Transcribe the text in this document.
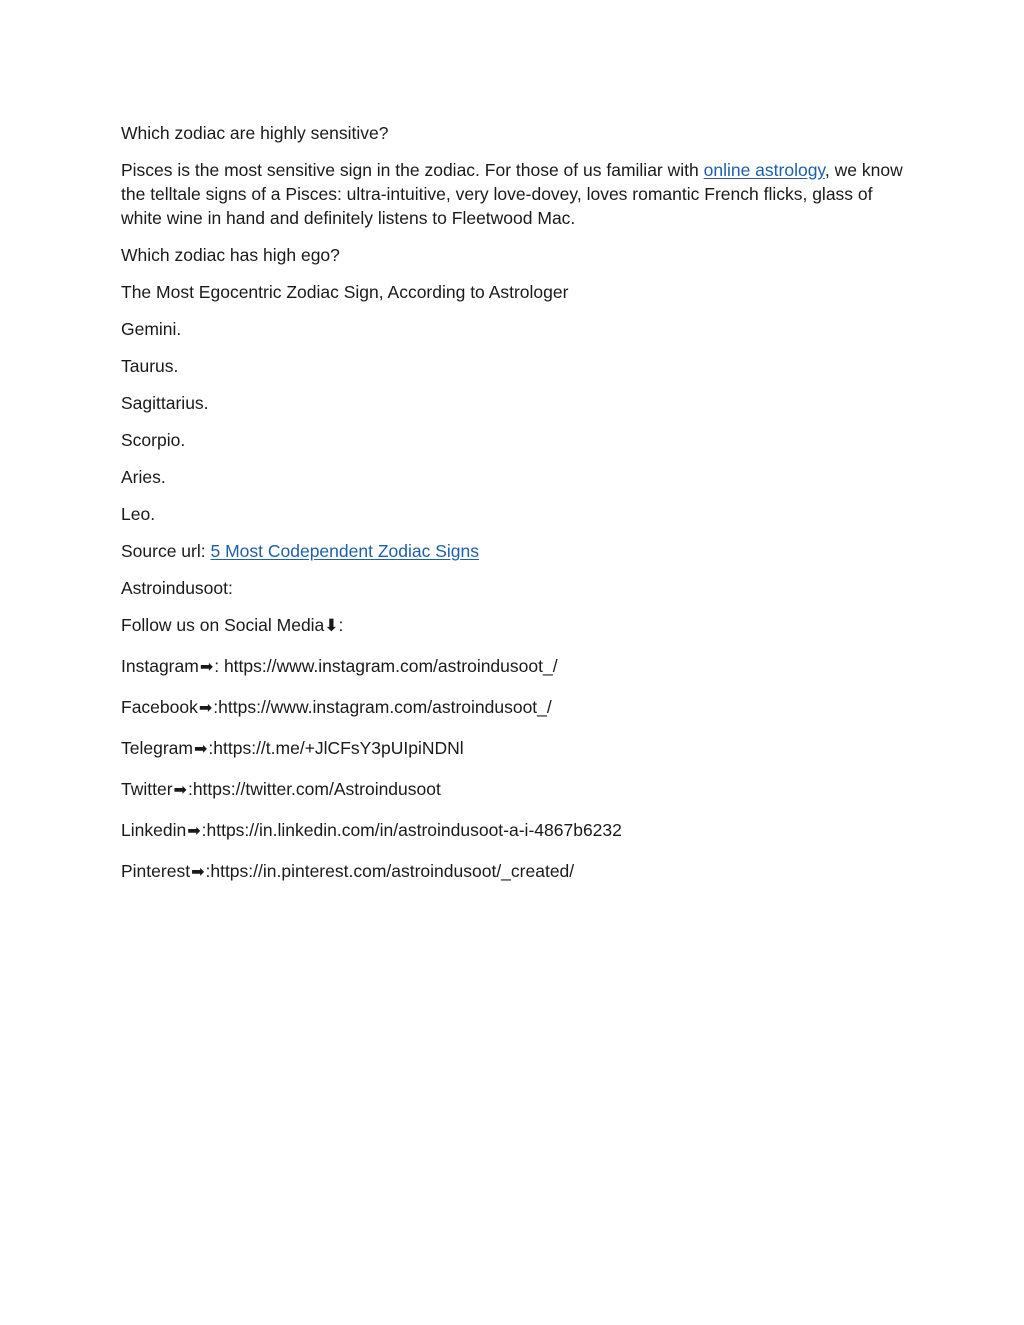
Which zodiac are highly sensitive?

Pisces is the most sensitive sign in the zodiac. For those of us familiar with online astrology, we know the telltale signs of a Pisces: ultra-intuitive, very love-dovey, loves romantic French flicks, glass of white wine in hand and definitely listens to Fleetwood Mac.

Which zodiac has high ego?

The Most Egocentric Zodiac Sign, According to Astrologer

Gemini.

Taurus.

Sagittarius.

Scorpio.

Aries.

Leo.

Source url: 5 Most Codependent Zodiac Signs

Astroindusoot:

Follow us on Social Media⬇:

Instagram➡: https://www.instagram.com/astroindusoot_/

Facebook➡:https://www.instagram.com/astroindusoot_/

Telegram➡:https://t.me/+JlCFsY3pUIpiNDNl

Twitter➡:https://twitter.com/Astroindusoot

Linkedin➡:https://in.linkedin.com/in/astroindusoot-a-i-4867b6232

Pinterest➡:https://in.pinterest.com/astroindusoot/_created/
